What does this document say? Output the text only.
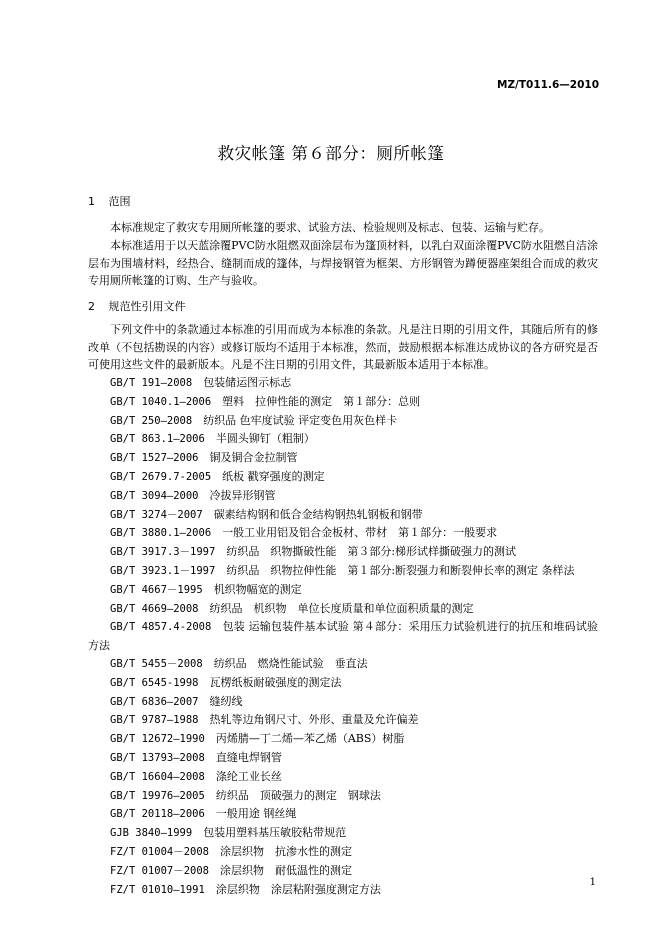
MZ/T011.6—2010
救灾帐篷 第６部分：厕所帐篷
1 范围
本标准规定了救灾专用厕所帐篷的要求、试验方法、检验规则及标志、包装、运输与贮存。
本标准适用于以天蓝涂覆PVC防水阻燃双面涂层布为篷顶材料，以乳白双面涂覆PVC防水阻燃自洁涂层布为围墙材料，经热合、缝制而成的篷体，与焊接钢管为框架、方形钢管为蹲便器座架组合而成的救灾专用厕所帐篷的订购、生产与验收。
2 规范性引用文件
下列文件中的条款通过本标准的引用而成为本标准的条款。凡是注日期的引用文件，其随后所有的修改单（不包括勘误的内容）或修订版均不适用于本标准，然而，鼓励根据本标准达成协议的各方研究是否可使用这些文件的最新版本。凡是不注日期的引用文件，其最新版本适用于本标准。
GB/T 191—2008　 包装储运图示标志
GB/T 1040.1—2006　 塑料　拉伸性能的测定　第１部分：总则
GB/T 250—2008　 纺织品 色牢度试验 评定变色用灰色样卡
GB/T 863.1—2006　 半圆头铆钉（粗制）
GB/T 1527—2006　 铜及铜合金拉制管
GB/T 2679.7-2005　 纸板 戳穿强度的测定
GB/T 3094—2000　 冷拔异形钢管
GB/T 3274－2007　 碳素结构钢和低合金结构钢热轧钢板和钢带
GB/T 3880.1—2006　 一般工业用铝及铝合金板材、带材　第１部分：一般要求
GB/T 3917.3－1997　 纺织品　织物撕破性能　第３部分:梯形试样撕破强力的测试
GB/T 3923.1－1997　 纺织品　织物拉伸性能　第１部分:断裂强力和断裂伸长率的测定 条样法
GB/T 4667－1995　 机织物幅宽的测定
GB/T 4669—2008　 纺织品　机织物　单位长度质量和单位面积质量的测定
GB/T 4857.4-2008　 包装 运输包装件基本试验 第４部分：采用压力试验机进行的抗压和堆码试验方法
GB/T 5455－2008　 纺织品　燃烧性能试验　垂直法
GB/T 6545-1998　 瓦楞纸板耐破强度的测定法
GB/T 6836—2007　 缝纫线
GB/T 9787—1988　 热轧等边角钢尺寸、外形、重量及允许偏差
GB/T 12672—1990　 丙烯腈—丁二烯—苯乙烯（ABS）树脂
GB/T 13793—2008　 直缝电焊钢管
GB/T 16604—2008　 涤纶工业长丝
GB/T 19976—2005　 纺织品　顶破强力的测定　钢球法
GB/T 20118—2006　 一般用途 钢丝绳
GJB 3840—1999　 包装用塑料基压敏胶粘带规范
FZ/T 01004－2008　 涂层织物　抗渗水性的测定
FZ/T 01007－2008　 涂层织物　耐低温性的测定
FZ/T 01010—1991　 涂层织物　涂层粘附强度测定方法
1
